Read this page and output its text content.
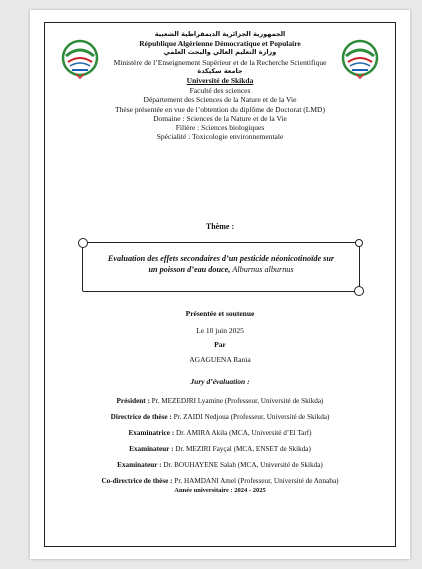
الجمهورية الجزائرية الديمقراطية الشعبية
République Algérienne Démocratique et Populaire
وزارة التعليم العالي والبحث العلمي
Ministère de l’Enseignement Supérieur et de la Recherche Scientifique
جامعة سكيكدة
Université de Skikda
Faculté des sciences
Département des Sciences de la Nature et de la Vie
Thèse présentée en vue de l’obtention du diplôme de Doctorat (LMD)
Domaine : Sciences de la Nature et de la Vie
Filière : Sciences biologiques
Spécialité : Toxicologie environnementale
Thème :
Evaluation des effets secondaires d’un pesticide néonicotinoïde sur
un poisson d’eau douce, Alburnus alburnus
Présentée et soutenue
Le 10 juin 2025
Par
AGAGUENA Rania
Jury d’évaluation :
Président : Pr. MEZEDJRI Lyamine (Professeur, Université de Skikda)
Directrice de thèse : Pr. ZAIDI Nedjoua (Professeur, Université de Skikda)
Examinatrice : Dr. AMIRA Akila (MCA, Université d’El Tarf)
Examinateur : Dr. MEZIRI Fayçal (MCA, ENSET de Skikda)
Examinateur : Dr. BOUHAYENE Salah (MCA, Université de Skikda)
Co-directrice de thèse : Pr. HAMDANI Amel (Professeur, Université de Annaba)
Année universitaire : 2024 - 2025
